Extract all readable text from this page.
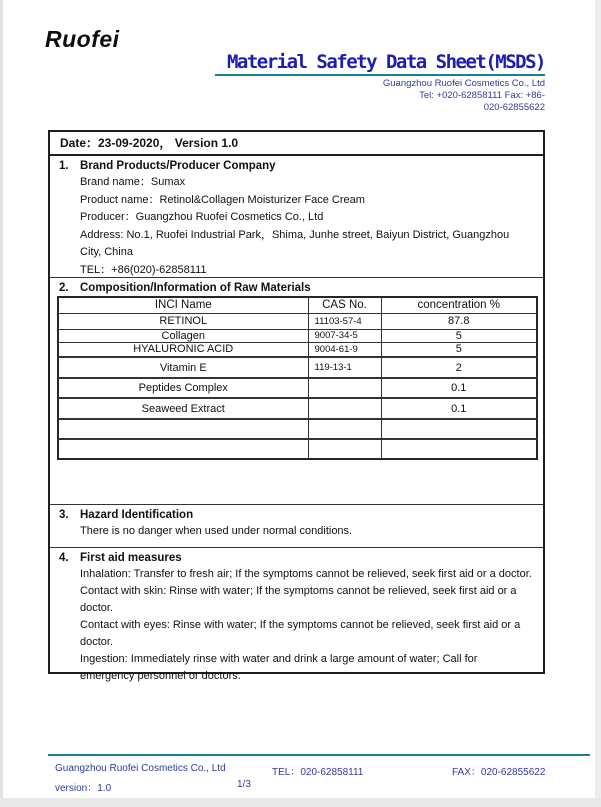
Ruofei
Material Safety Data Sheet(MSDS)
Guangzhou Ruofei Cosmetics Co., Ltd
Tel: +020-62858111 Fax: +86-
020-62855622
Date：23-09-2020， Version 1.0
1. Brand Products/Producer Company
Brand name：Sumax
Product name：Retinol&Collagen Moisturizer Face Cream
Producer：Guangzhou Ruofei Cosmetics Co., Ltd
Address: No.1, Ruofei Industrial Park，Shima, Junhe street, Baiyun District, Guangzhou City, China
TEL：+86(020)-62858111
2. Composition/Information of Raw Materials
INCI Name	CAS No.	concentration %
RETINOL	11103-57-4	87.8
Collagen	9007-34-5	5
HYALURONIC ACID	9004-61-9	5
Vitamin E	119-13-1	2
Peptides Complex		0.1
Seaweed Extract		0.1

3. Hazard Identification
There is no danger when used under normal conditions.
4. First aid measures
Inhalation: Transfer to fresh air; If the symptoms cannot be relieved, seek first aid or a doctor.
Contact with skin: Rinse with water; If the symptoms cannot be relieved, seek first aid or a doctor.
Contact with eyes: Rinse with water; If the symptoms cannot be relieved, seek first aid or a doctor.
Ingestion: Immediately rinse with water and drink a large amount of water; Call for emergency personnel or doctors.
Guangzhou Ruofei Cosmetics Co., Ltd
version：1.0
TEL：020-62858111
1/3
FAX：020-62855622
